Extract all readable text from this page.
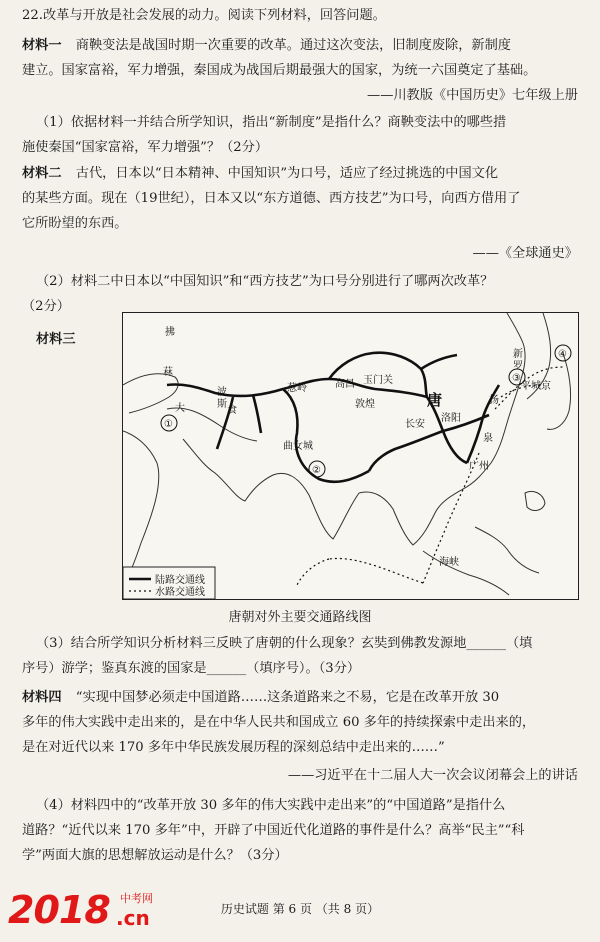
22.改革与开放是社会发展的动力。阅读下列材料，回答问题。
材料一 商鞅变法是战国时期一次重要的改革。通过这次变法，旧制度废除，新制度
建立。国家富裕，军力增强，秦国成为战国后期最强大的国家，为统一六国奠定了基础。
——川教版《中国历史》七年级上册
（1）依据材料一并结合所学知识，指出“新制度”是指什么？商鞅变法中的哪些措
施使秦国“国家富裕，军力增强”？（2分）
材料二 古代，日本以“日本精神、中国知识”为口号，适应了经过挑选的中国文化
的某些方面。现在（19世纪），日本又以“东方道德、西方技艺”为口号，向西方借用了
它所盼望的东西。
——《全球通史》
（2）材料二中日本以“中国知识”和“西方技艺”为口号分别进行了哪两次改革？
（2分）
材料三
①
②
③
④
拂
菻
大	食
波
斯
葱岭	高昌 玉门关
敦煌	唐
洛阳
长安
扬
泉
广州
曲女城
海峡
平城京
新
罗
陆路交通线
水路交通线
唐朝对外主要交通路线图
（3）结合所学知识分析材料三反映了唐朝的什么现象？玄奘到佛教发源地______（填
序号）游学；鉴真东渡的国家是______（填序号）。（3分）
材料四 “实现中国梦必须走中国道路……这条道路来之不易，它是在改革开放 30
多年的伟大实践中走出来的，是在中华人民共和国成立 60 多年的持续探索中走出来的，
是在对近代以来 170 多年中华民族发展历程的深刻总结中走出来的……”
——习近平在十二届人大一次会议闭幕会上的讲话
（4）材料四中的“改革开放 30 多年的伟大实践中走出来”的“中国道路”是指什么
道路？“近代以来 170 多年”中，开辟了中国近代化道路的事件是什么？高举“民主”“科
学”两面大旗的思想解放运动是什么？（3分）
历史试题 第 6 页 （共 8 页）
2018 中考网
.cn
